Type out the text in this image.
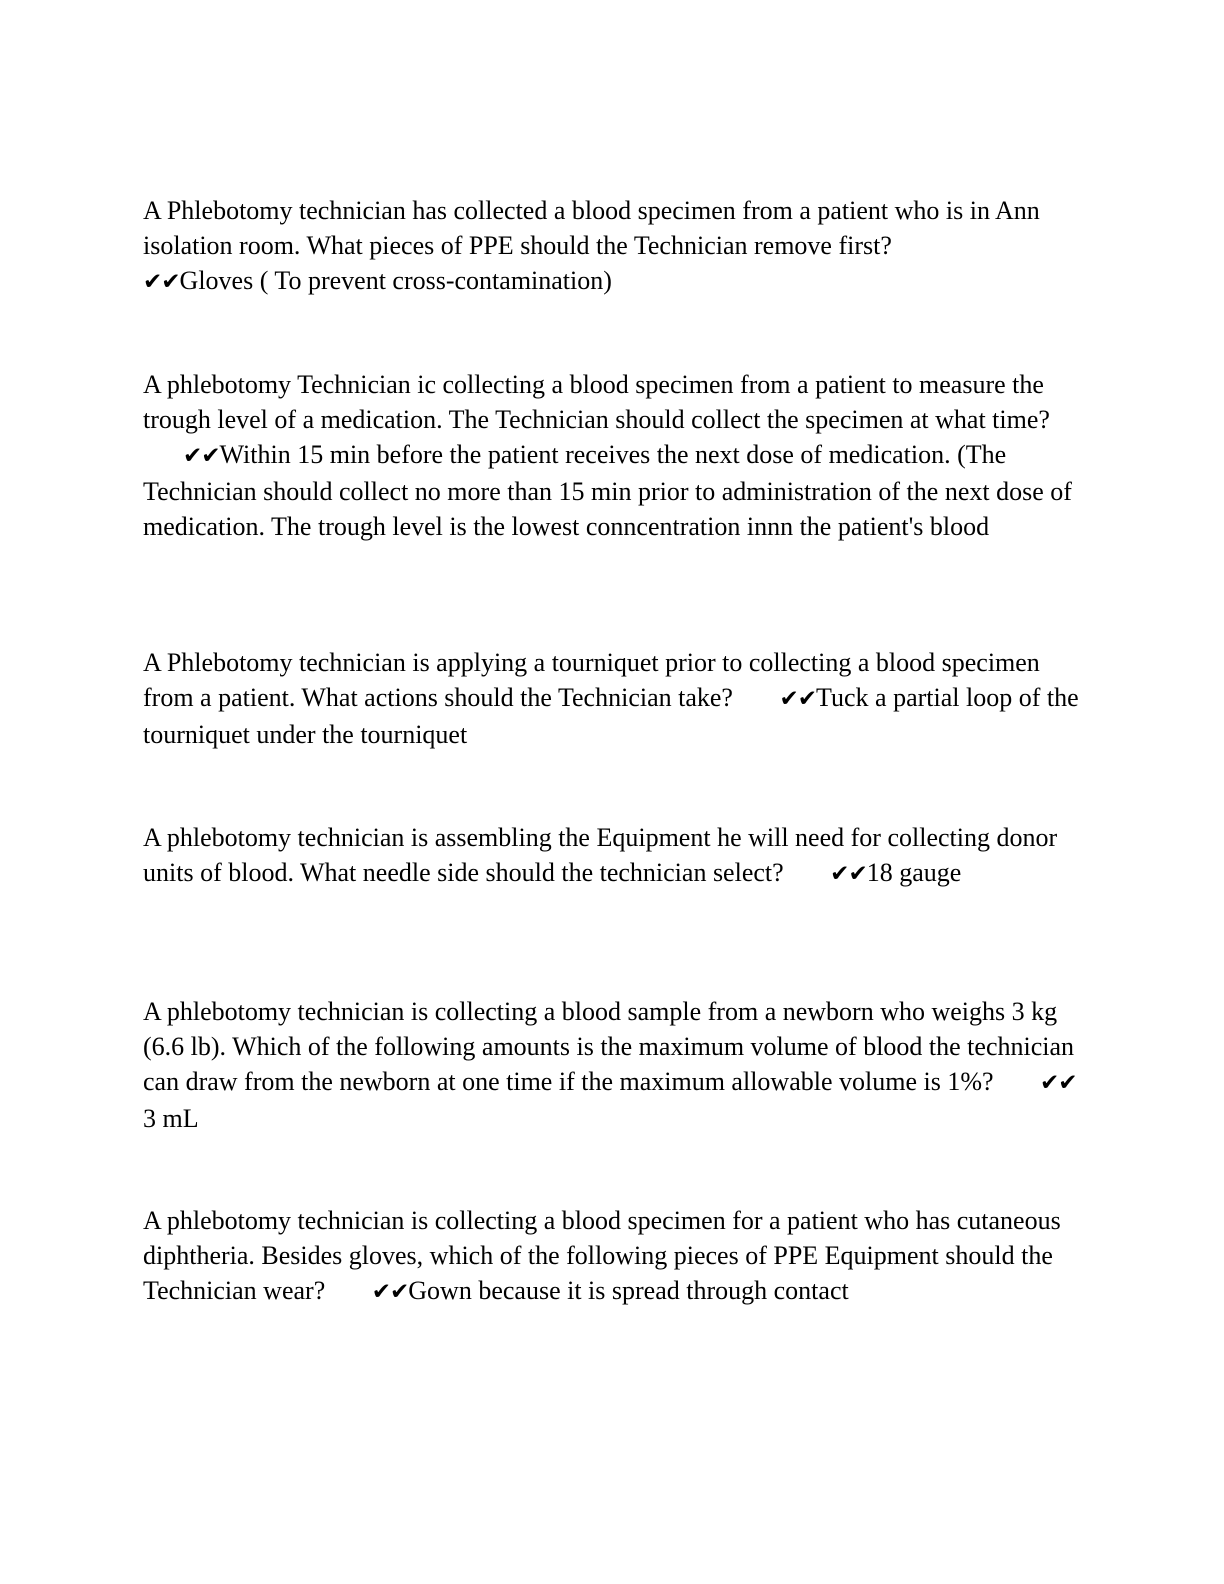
A Phlebotomy technician has collected a blood specimen from a patient who is in Ann isolation room. What pieces of PPE should the Technician remove first?
✔✔Gloves ( To prevent cross-contamination)
A phlebotomy Technician ic collecting a blood specimen from a patient to measure the trough level of a medication. The Technician should collect the specimen at what time? ✔✔Within 15 min before the patient receives the next dose of medication. (The Technician should collect no more than 15 min prior to administration of the next dose of medication. The trough level is the lowest conncentration innn the patient's blood
A Phlebotomy technician is applying a tourniquet prior to collecting a blood specimen from a patient. What actions should the Technician take? ✔✔Tuck a partial loop of the tourniquet under the tourniquet
A phlebotomy technician is assembling the Equipment he will need for collecting donor units of blood. What needle side should the technician select? ✔✔18 gauge
A phlebotomy technician is collecting a blood sample from a newborn who weighs 3 kg (6.6 lb). Which of the following amounts is the maximum volume of blood the technician can draw from the newborn at one time if the maximum allowable volume is 1%? ✔✔3 mL
A phlebotomy technician is collecting a blood specimen for a patient who has cutaneous diphtheria. Besides gloves, which of the following pieces of PPE Equipment should the Technician wear? ✔✔Gown because it is spread through contact
